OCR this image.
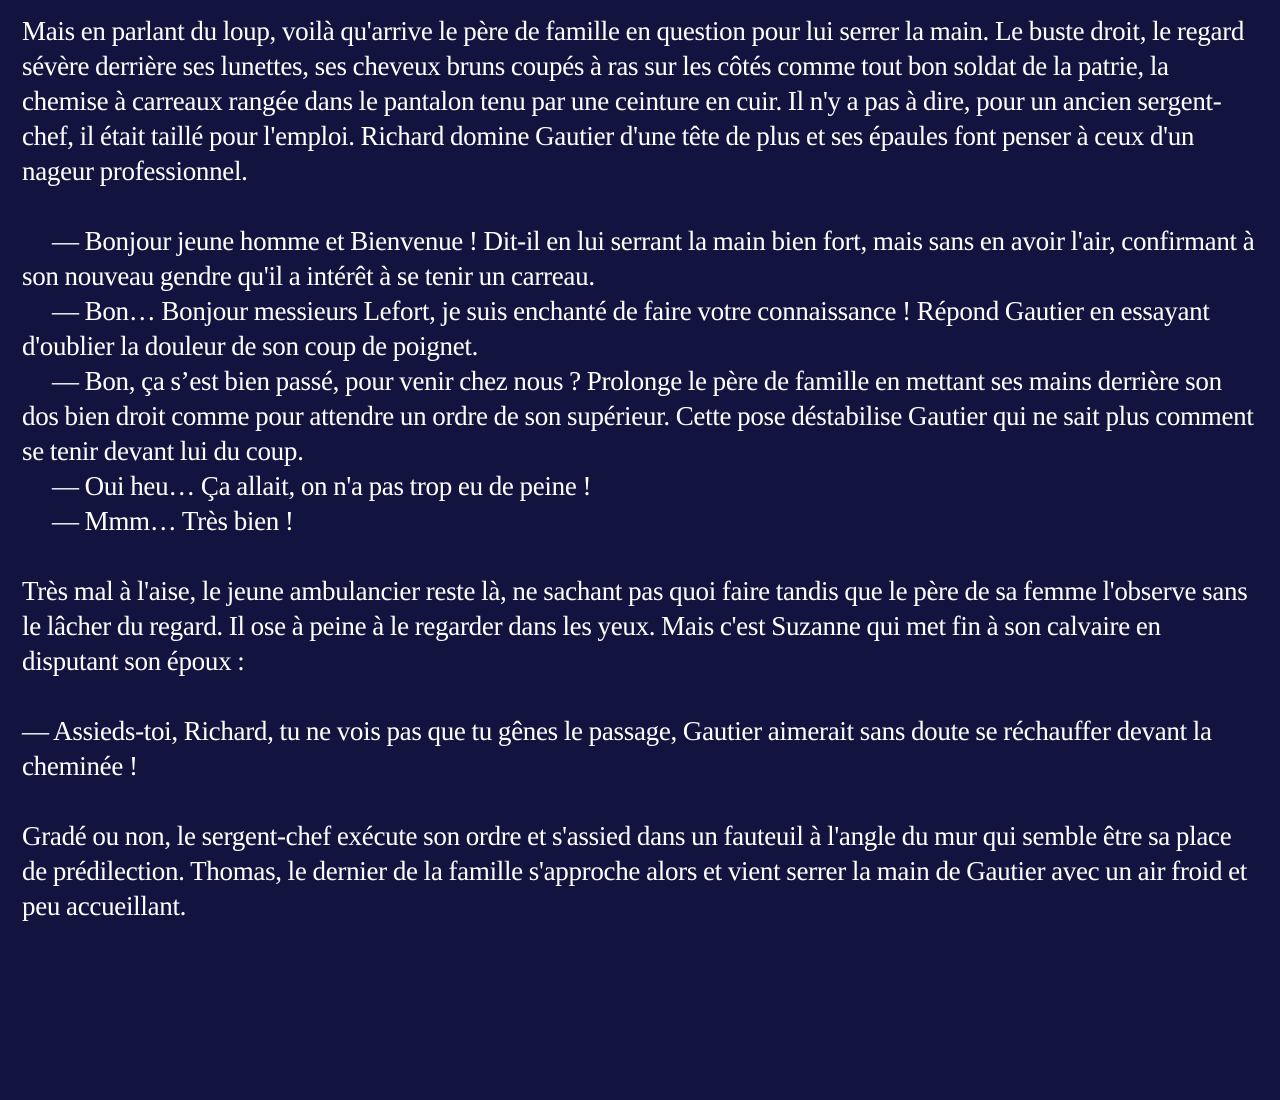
Mais en parlant du loup, voilà qu'arrive le père de famille en question pour lui serrer la main. Le buste droit, le regard sévère derrière ses lunettes, ses cheveux bruns coupés à ras sur les côtés comme tout bon soldat de la patrie, la chemise à carreaux rangée dans le pantalon tenu par une ceinture en cuir. Il n'y a pas à dire, pour un ancien sergent-chef, il était taillé pour l'emploi. Richard domine Gautier d'une tête de plus et ses épaules font penser à ceux d'un nageur professionnel.

— Bonjour jeune homme et Bienvenue ! Dit-il en lui serrant la main bien fort, mais sans en avoir l'air, confirmant à son nouveau gendre qu'il a intérêt à se tenir un carreau.

— Bon… Bonjour messieurs Lefort, je suis enchanté de faire votre connaissance ! Répond Gautier en essayant d'oublier la douleur de son coup de poignet.

— Bon, ça s’est bien passé, pour venir chez nous ? Prolonge le père de famille en mettant ses mains derrière son dos bien droit comme pour attendre un ordre de son supérieur. Cette pose déstabilise Gautier qui ne sait plus comment se tenir devant lui du coup.

— Oui heu… Ça allait, on n'a pas trop eu de peine !

— Mmm… Très bien !

Très mal à l'aise, le jeune ambulancier reste là, ne sachant pas quoi faire tandis que le père de sa femme l'observe sans le lâcher du regard. Il ose à peine à le regarder dans les yeux. Mais c'est Suzanne qui met fin à son calvaire en disputant son époux :

— Assieds-toi, Richard, tu ne vois pas que tu gênes le passage, Gautier aimerait sans doute se réchauffer devant la cheminée !

Gradé ou non, le sergent-chef exécute son ordre et s'assied dans un fauteuil à l'angle du mur qui semble être sa place de prédilection. Thomas, le dernier de la famille s'approche alors et vient serrer la main de Gautier avec un air froid et peu accueillant.
